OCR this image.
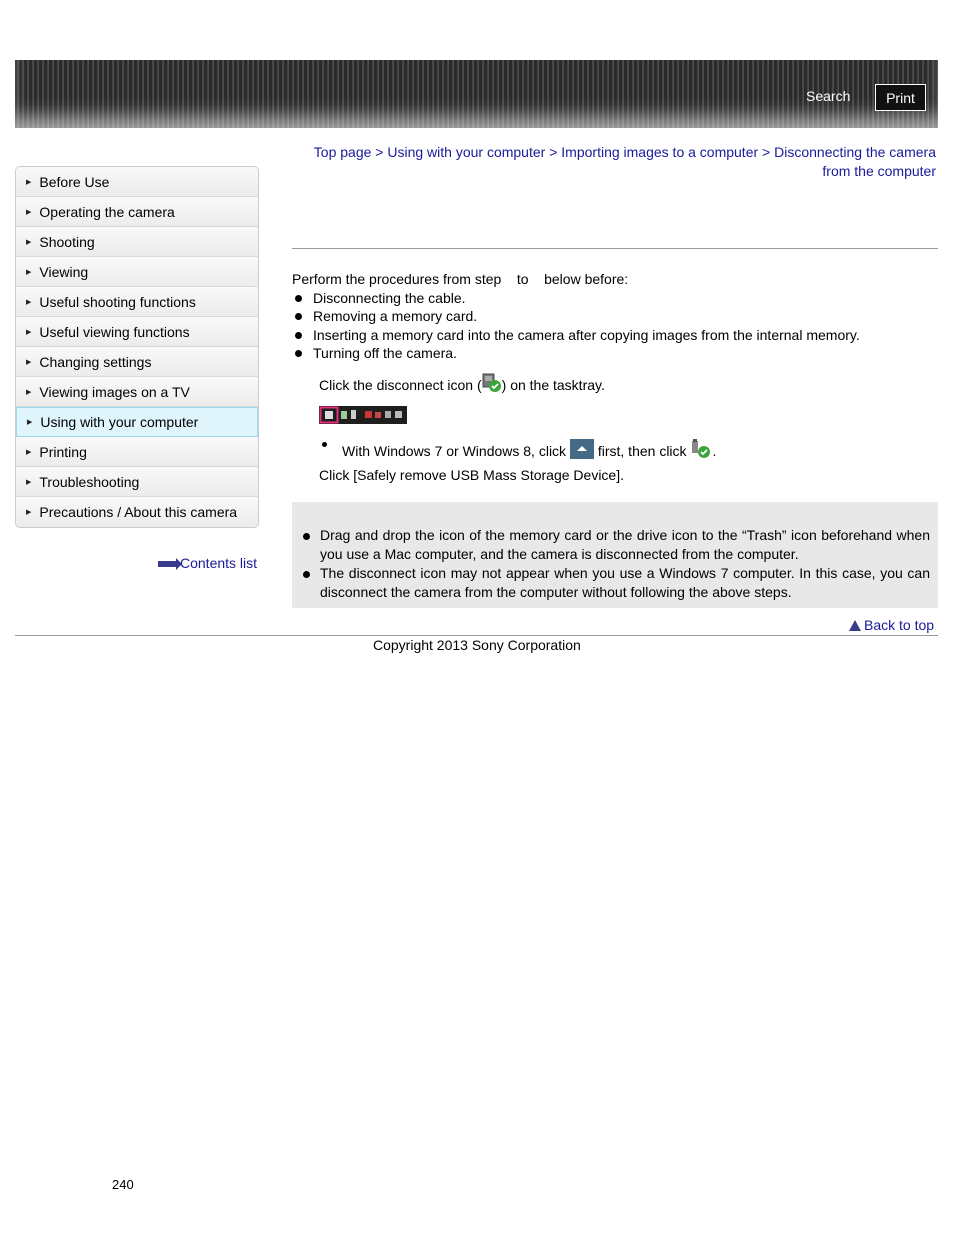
Search	Print
Top page > Using with your computer > Importing images to a computer > Disconnecting the camera from the computer
▶ Before Use
▶ Operating the camera
▶ Shooting
▶ Viewing
▶ Useful shooting functions
▶ Useful viewing functions
▶ Changing settings
▶ Viewing images on a TV
▶ Using with your computer
▶ Printing
▶ Troubleshooting
▶ Precautions / About this camera
Contents list
Perform the procedures from step    to    below before:
Disconnecting the cable.
Removing a memory card.
Inserting a memory card into the camera after copying images from the internal memory.
Turning off the camera.
Click the disconnect icon ( ) on the tasktray.
With Windows 7 or Windows 8, click first, then click .
Click [Safely remove USB Mass Storage Device].
Drag and drop the icon of the memory card or the drive icon to the “Trash” icon beforehand when you use a Mac computer, and the camera is disconnected from the computer.
The disconnect icon may not appear when you use a Windows 7 computer. In this case, you can disconnect the camera from the computer without following the above steps.
Back to top
Copyright 2013 Sony Corporation
240
